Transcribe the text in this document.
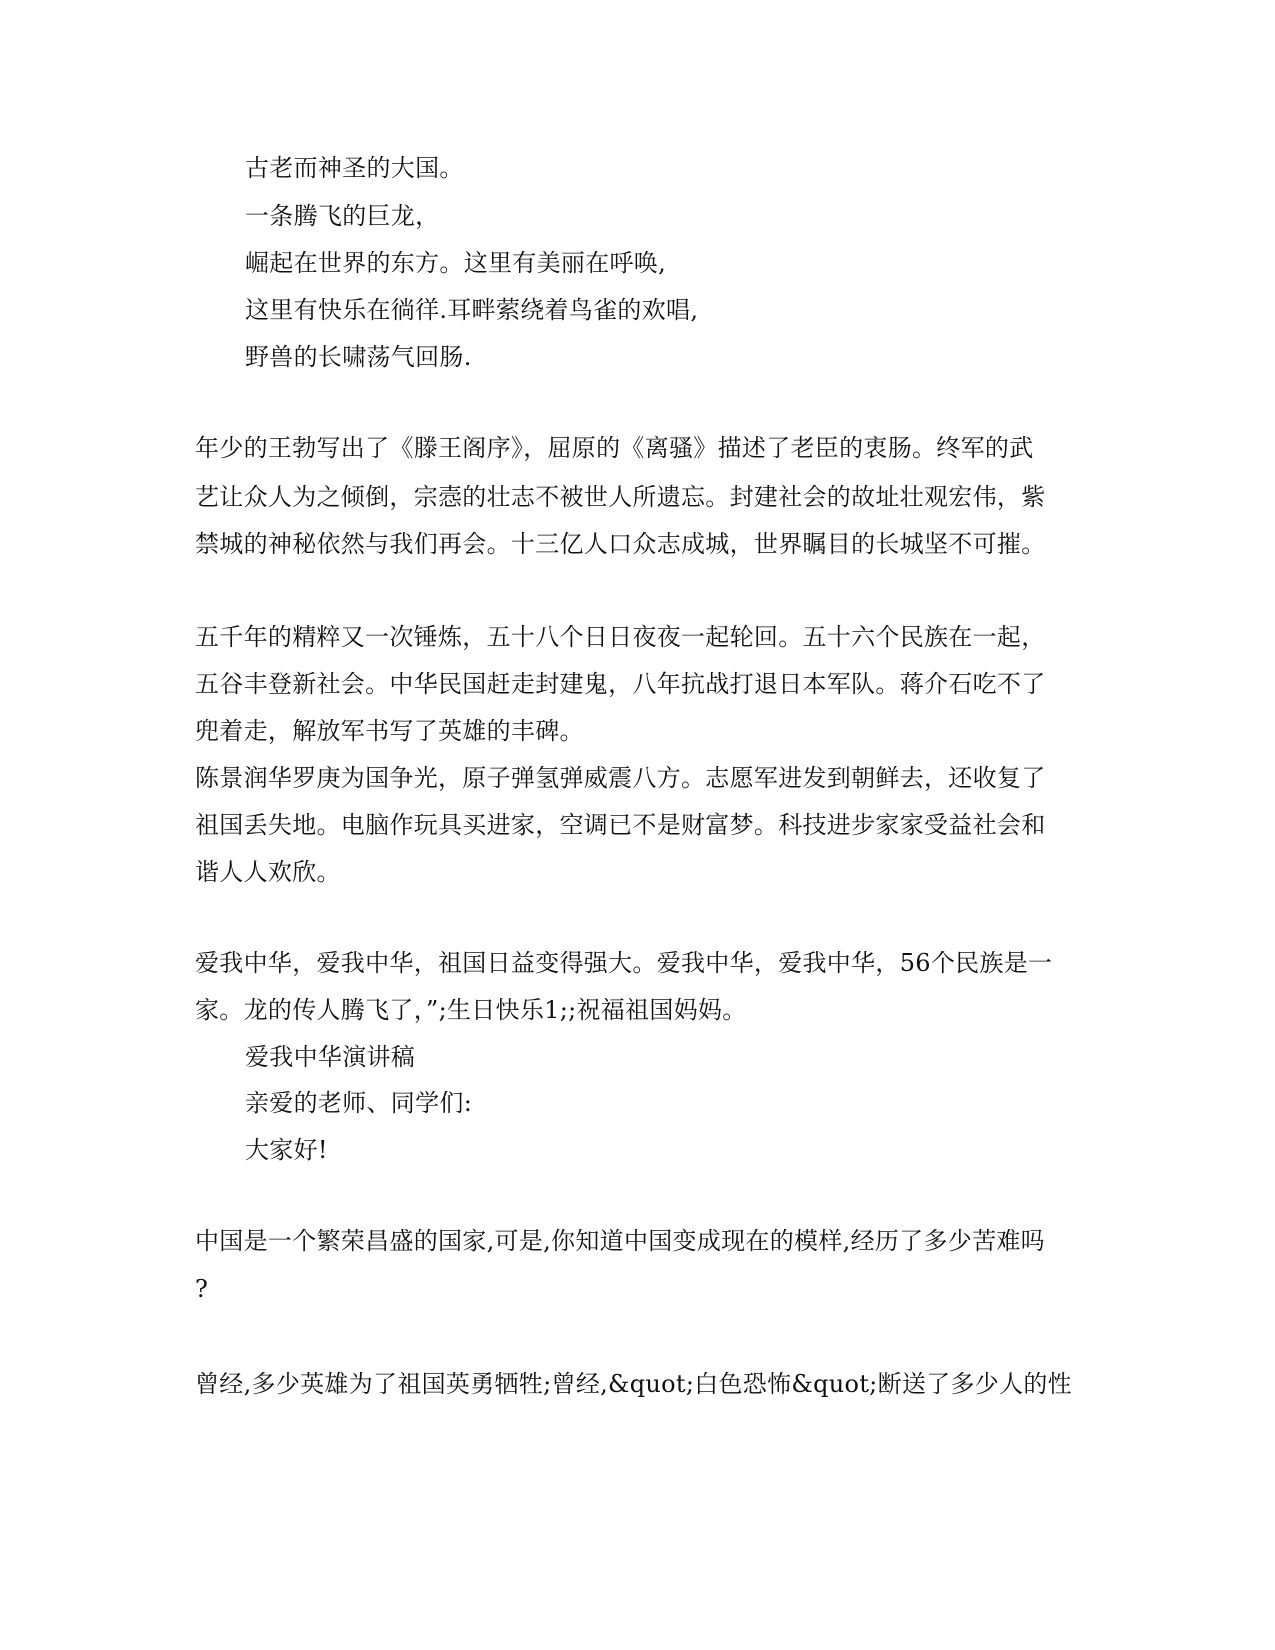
古老而神圣的大国。
一条腾飞的巨龙，
崛起在世界的东方。这里有美丽在呼唤,
这里有快乐在徜徉.耳畔萦绕着鸟雀的欢唱,
野兽的长啸荡气回肠.
年少的王勃写出了《滕王阁序》，屈原的《离骚》描述了老臣的衷肠。终军的武
艺让众人为之倾倒，宗悫的壮志不被世人所遗忘。封建社会的故址壮观宏伟，紫
禁城的神秘依然与我们再会。十三亿人口众志成城，世界瞩目的长城坚不可摧。
五千年的精粹又一次锤炼，五十八个日日夜夜一起轮回。五十六个民族在一起，
五谷丰登新社会。中华民国赶走封建鬼，八年抗战打退日本军队。蒋介石吃不了
兜着走，解放军书写了英雄的丰碑。
陈景润华罗庚为国争光，原子弹氢弹威震八方。志愿军进发到朝鲜去，还收复了
祖国丢失地。电脑作玩具买进家，空调已不是财富梦。科技进步家家受益社会和
谐人人欢欣。
爱我中华，爱我中华，祖国日益变得强大。爱我中华，爱我中华，56个民族是一
家。龙的传人腾飞了，”;生日快乐1;;祝福祖国妈妈。
爱我中华演讲稿
亲爱的老师、同学们:
大家好!
中国是一个繁荣昌盛的国家,可是,你知道中国变成现在的模样,经历了多少苦难吗
?
曾经,多少英雄为了祖国英勇牺牲;曾经,&quot;白色恐怖&quot;断送了多少人的性
